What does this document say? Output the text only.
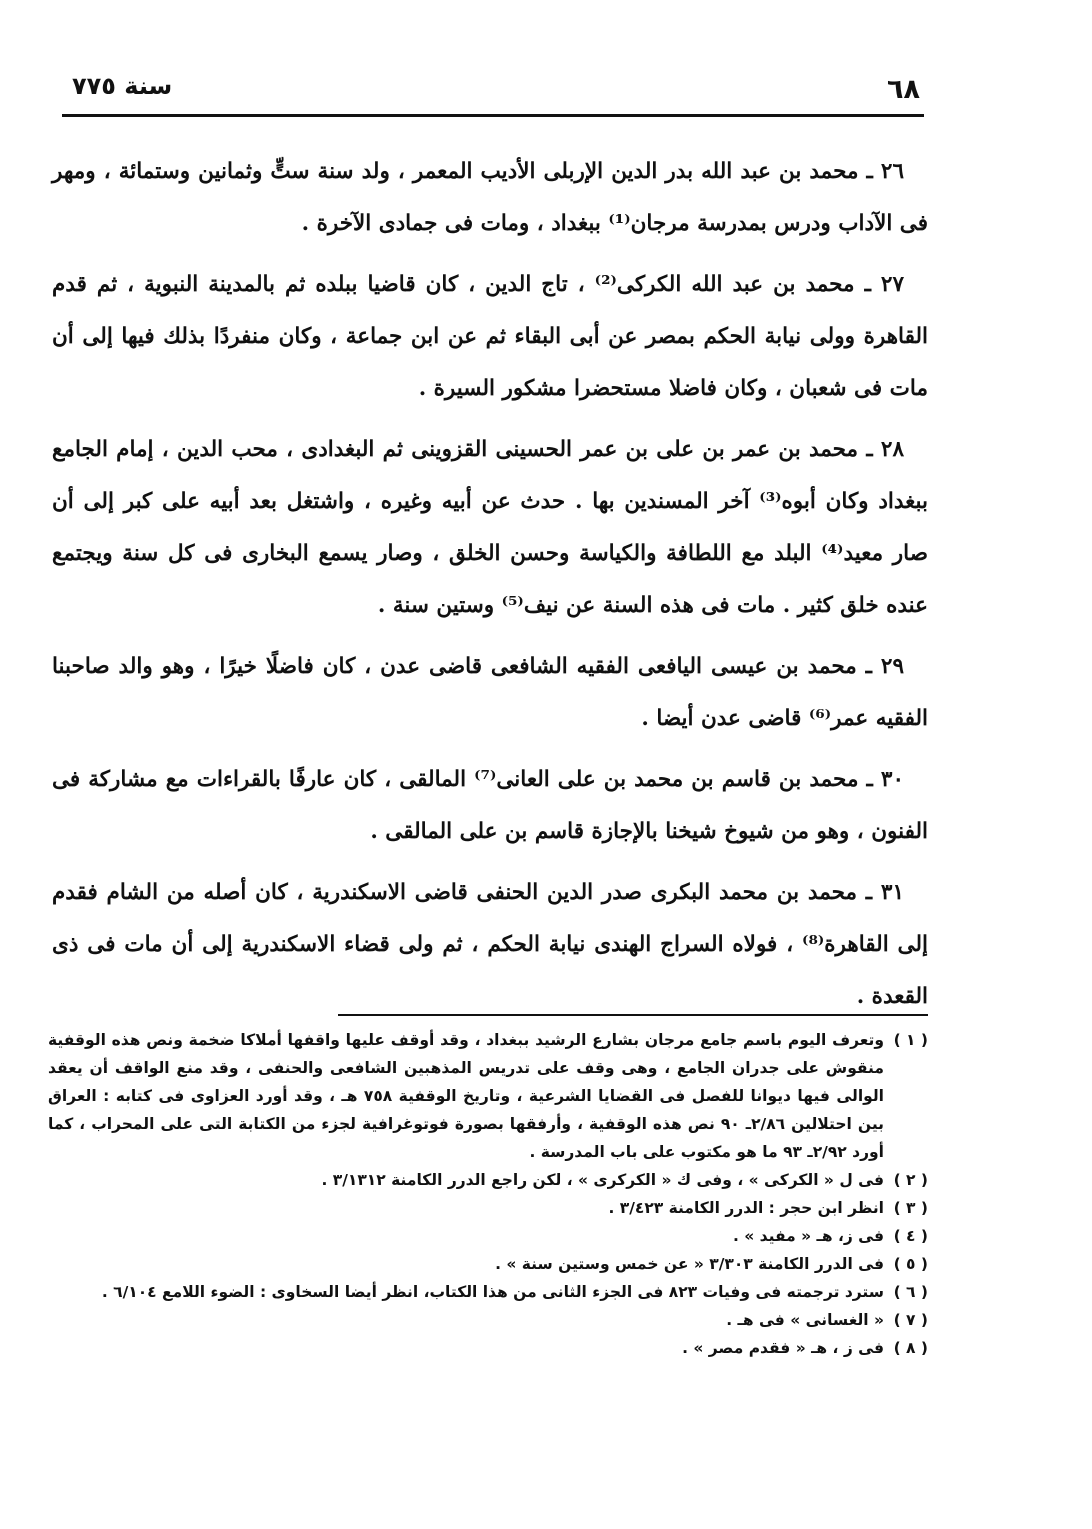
٦٨
سنة ٧٧٥

٢٦ ـ محمد بن عبد الله بدر الدين الإربلى الأديب المعمر ، ولد سنة ستٍّ وثمانين وستمائة ، ومهر فى الآداب ودرس بمدرسة مرجان⁽¹⁾ ببغداد ، ومات فى جمادى الآخرة .

٢٧ ـ محمد بن عبد الله الكركى⁽²⁾ ، تاج الدين ، كان قاضيا ببلده ثم بالمدينة النبوية ، ثم قدم القاهرة وولى نيابة الحكم بمصر عن أبى البقاء ثم عن ابن جماعة ، وكان منفردًا بذلك فيها إلى أن مات فى شعبان ، وكان فاضلا مستحضرا مشكور السيرة .

٢٨ ـ محمد بن عمر بن على بن عمر الحسينى القزوينى ثم البغدادى ، محب الدين ، إمام الجامع ببغداد وكان أبوه⁽³⁾ آخر المسندين بها . حدث عن أبيه وغيره ، واشتغل بعد أبيه على كبر إلى أن صار معيد⁽⁴⁾ البلد مع اللطافة والكياسة وحسن الخلق ، وصار يسمع البخارى فى كل سنة ويجتمع عنده خلق كثير . مات فى هذه السنة عن نيف⁽⁵⁾ وستين سنة .

٢٩ ـ محمد بن عيسى اليافعى الفقيه الشافعى قاضى عدن ، كان فاضلًا خيرًا ، وهو والد صاحبنا الفقيه عمر⁽⁶⁾ قاضى عدن أيضا .

٣٠ ـ محمد بن قاسم بن محمد بن على العانى⁽⁷⁾ المالقى ، كان عارفًا بالقراءات مع مشاركة فى الفنون ، وهو من شيوخ شيخنا بالإجازة قاسم بن على المالقى .

٣١ ـ محمد بن محمد البكرى صدر الدين الحنفى قاضى الاسكندرية ، كان أصله من الشام فقدم إلى القاهرة⁽⁸⁾ ، فولاه السراج الهندى نيابة الحكم ، ثم ولى قضاء الاسكندرية إلى أن مات فى ذى القعدة .

( ١ )
وتعرف اليوم باسم جامع مرجان بشارع الرشيد ببغداد ، وقد أوقف عليها واقفها أملاكا ضخمة ونص هذه الوقفية منقوش على جدران الجامع ، وهى وقف على تدريس المذهبين الشافعى والحنفى ، وقد منع الواقف أن يعقد الوالى فيها ديوانا للفصل فى القضايا الشرعية ، وتاريخ الوقفية ٧٥٨ هـ ، وقد أورد العزاوى فى كتابه : العراق بين احتلالين ٢/٨٦ـ ٩٠ نص هذه الوقفية ، وأرفقها بصورة فوتوغرافية لجزء من الكتابة التى على المحراب ، كما أورد ٢/٩٢ـ ٩٣ ما هو مكتوب على باب المدرسة .
( ٢ )
فى ل « الكركى » ، وفى ك « الكركرى » ، لكن راجع الدرر الكامنة ٣/١٣١٢ .
( ٣ )
انظر ابن حجر : الدرر الكامنة ٣/٤٢٣ .
( ٤ )
فى ز، هـ « مفيد » .
( ٥ )
فى الدرر الكامنة ٣/٣٠٣ « عن خمس وستين سنة » .
( ٦ )
سترد ترجمته فى وفيات ٨٢٣ فى الجزء الثانى من هذا الكتاب، انظر أيضا السخاوى : الضوء اللامع ٦/١٠٤ .
( ٧ )
« الغسانى » فى هـ .
( ٨ )
فى ز ، هـ « فقدم مصر » .
